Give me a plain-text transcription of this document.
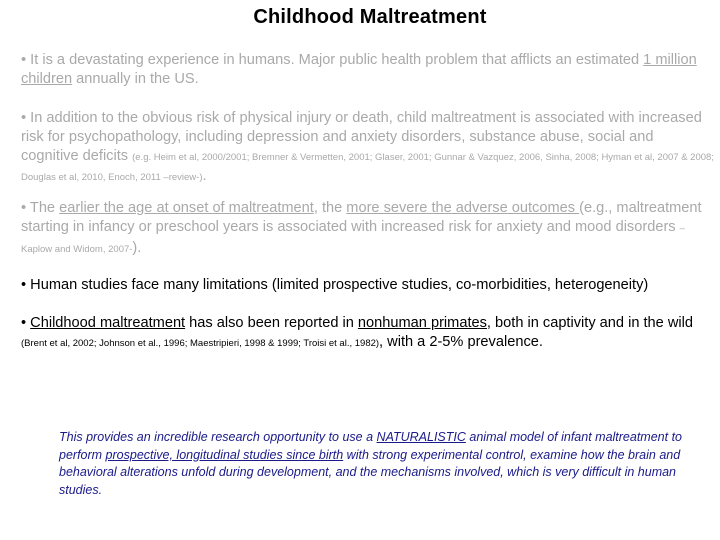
Childhood Maltreatment
• It is a devastating experience in humans. Major public health problem that afflicts an estimated 1 million children annually in the US.
• In addition to the obvious risk of physical injury or death, child maltreatment is associated with increased risk for psychopathology, including depression and anxiety disorders, substance abuse, social and cognitive deficits (e.g. Heim et al, 2000/2001; Bremner & Vermetten, 2001; Glaser, 2001; Gunnar & Vazquez, 2006, Sinha, 2008; Hyman et al, 2007 & 2008; Douglas et al, 2010, Enoch, 2011 –review-).
• The earlier the age at onset of maltreatment, the more severe the adverse outcomes (e.g., maltreatment starting in infancy or preschool years is associated with increased risk for anxiety and mood disorders –Kaplow and Widom, 2007-).
• Human studies face many limitations (limited prospective studies, co-morbidities, heterogeneity)
• Childhood maltreatment has also been reported in nonhuman primates, both in captivity and in the wild (Brent et al, 2002; Johnson et al., 1996; Maestripieri, 1998 & 1999; Troisi et al., 1982), with a 2-5% prevalence.
This provides an incredible research opportunity to use a NATURALISTIC animal model of infant maltreatment to perform prospective, longitudinal studies since birth with strong experimental control, examine how the brain and behavioral alterations unfold during development, and the mechanisms involved, which is very difficult in human studies.
